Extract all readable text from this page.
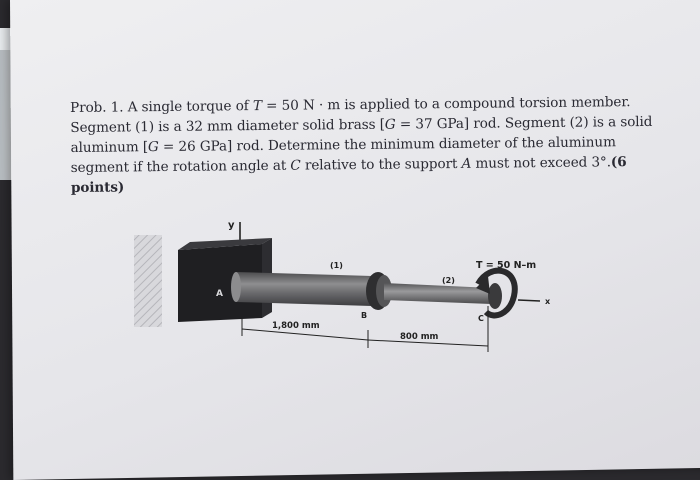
Prob. 1. A single torque of T = 50 N · m is applied to a compound torsion member. Segment (1) is a 32 mm diameter solid brass [G = 37 GPa] rod. Segment (2) is a solid aluminum [G = 26 GPa] rod. Determine the minimum diameter of the aluminum segment if the rotation angle at C relative to the support A must not exceed 3°.(6 points)
y
A
(1)
B
(2)
C
T = 50 N–m
x
1,800 mm
800 mm
